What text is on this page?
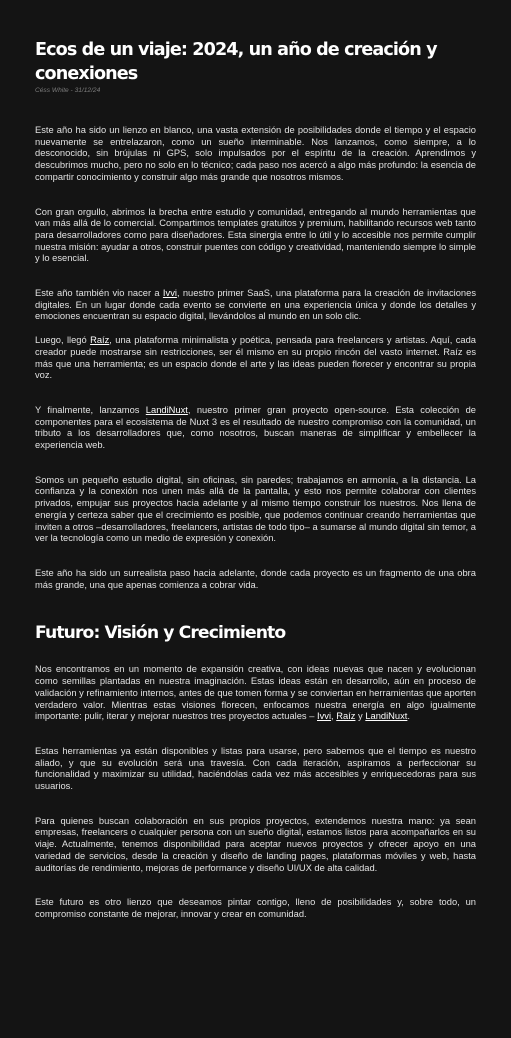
Ecos de un viaje: 2024, un año de creación y conexiones
Céss White - 31/12/24

Este año ha sido un lienzo en blanco, una vasta extensión de posibilidades donde el tiempo y el espacio nuevamente se entrelazaron, como un sueño interminable. Nos lanzamos, como siempre, a lo desconocido, sin brújulas ni GPS, solo impulsados por el espíritu de la creación. Aprendimos y descubrimos mucho, pero no solo en lo técnico; cada paso nos acercó a algo más profundo: la esencia de compartir conocimiento y construir algo más grande que nosotros mismos.

Con gran orgullo, abrimos la brecha entre estudio y comunidad, entregando al mundo herramientas que van más allá de lo comercial. Compartimos templates gratuitos y premium, habilitando recursos web tanto para desarrolladores como para diseñadores. Esta sinergia entre lo útil y lo accesible nos permite cumplir nuestra misión: ayudar a otros, construir puentes con código y creatividad, manteniendo siempre lo simple y lo esencial.

Este año también vio nacer a Ivvi, nuestro primer SaaS, una plataforma para la creación de invitaciones digitales. En un lugar donde cada evento se convierte en una experiencia única y donde los detalles y emociones encuentran su espacio digital, llevándolos al mundo en un solo clic.

Luego, llegó Raíz, una plataforma minimalista y poética, pensada para freelancers y artistas. Aquí, cada creador puede mostrarse sin restricciones, ser él mismo en su propio rincón del vasto internet. Raíz es más que una herramienta; es un espacio donde el arte y las ideas pueden florecer y encontrar su propia voz.

Y finalmente, lanzamos LandiNuxt, nuestro primer gran proyecto open-source. Esta colección de componentes para el ecosistema de Nuxt 3 es el resultado de nuestro compromiso con la comunidad, un tributo a los desarrolladores que, como nosotros, buscan maneras de simplificar y embellecer la experiencia web.

Somos un pequeño estudio digital, sin oficinas, sin paredes; trabajamos en armonía, a la distancia. La confianza y la conexión nos unen más allá de la pantalla, y esto nos permite colaborar con clientes privados, empujar sus proyectos hacia adelante y al mismo tiempo construir los nuestros. Nos llena de energía y certeza saber que el crecimiento es posible, que podemos continuar creando herramientas que inviten a otros –desarrolladores, freelancers, artistas de todo tipo– a sumarse al mundo digital sin temor, a ver la tecnología como un medio de expresión y conexión.

Este año ha sido un surrealista paso hacia adelante, donde cada proyecto es un fragmento de una obra más grande, una que apenas comienza a cobrar vida.

Futuro: Visión y Crecimiento

Nos encontramos en un momento de expansión creativa, con ideas nuevas que nacen y evolucionan como semillas plantadas en nuestra imaginación. Estas ideas están en desarrollo, aún en proceso de validación y refinamiento internos, antes de que tomen forma y se conviertan en herramientas que aporten verdadero valor. Mientras estas visiones florecen, enfocamos nuestra energía en algo igualmente importante: pulir, iterar y mejorar nuestros tres proyectos actuales – Ivvi, Raíz y LandiNuxt.

Estas herramientas ya están disponibles y listas para usarse, pero sabemos que el tiempo es nuestro aliado, y que su evolución será una travesía. Con cada iteración, aspiramos a perfeccionar su funcionalidad y maximizar su utilidad, haciéndolas cada vez más accesibles y enriquecedoras para sus usuarios.

Para quienes buscan colaboración en sus propios proyectos, extendemos nuestra mano: ya sean empresas, freelancers o cualquier persona con un sueño digital, estamos listos para acompañarlos en su viaje. Actualmente, tenemos disponibilidad para aceptar nuevos proyectos y ofrecer apoyo en una variedad de servicios, desde la creación y diseño de landing pages, plataformas móviles y web, hasta auditorías de rendimiento, mejoras de performance y diseño UI/UX de alta calidad.

Este futuro es otro lienzo que deseamos pintar contigo, lleno de posibilidades y, sobre todo, un compromiso constante de mejorar, innovar y crear en comunidad.
